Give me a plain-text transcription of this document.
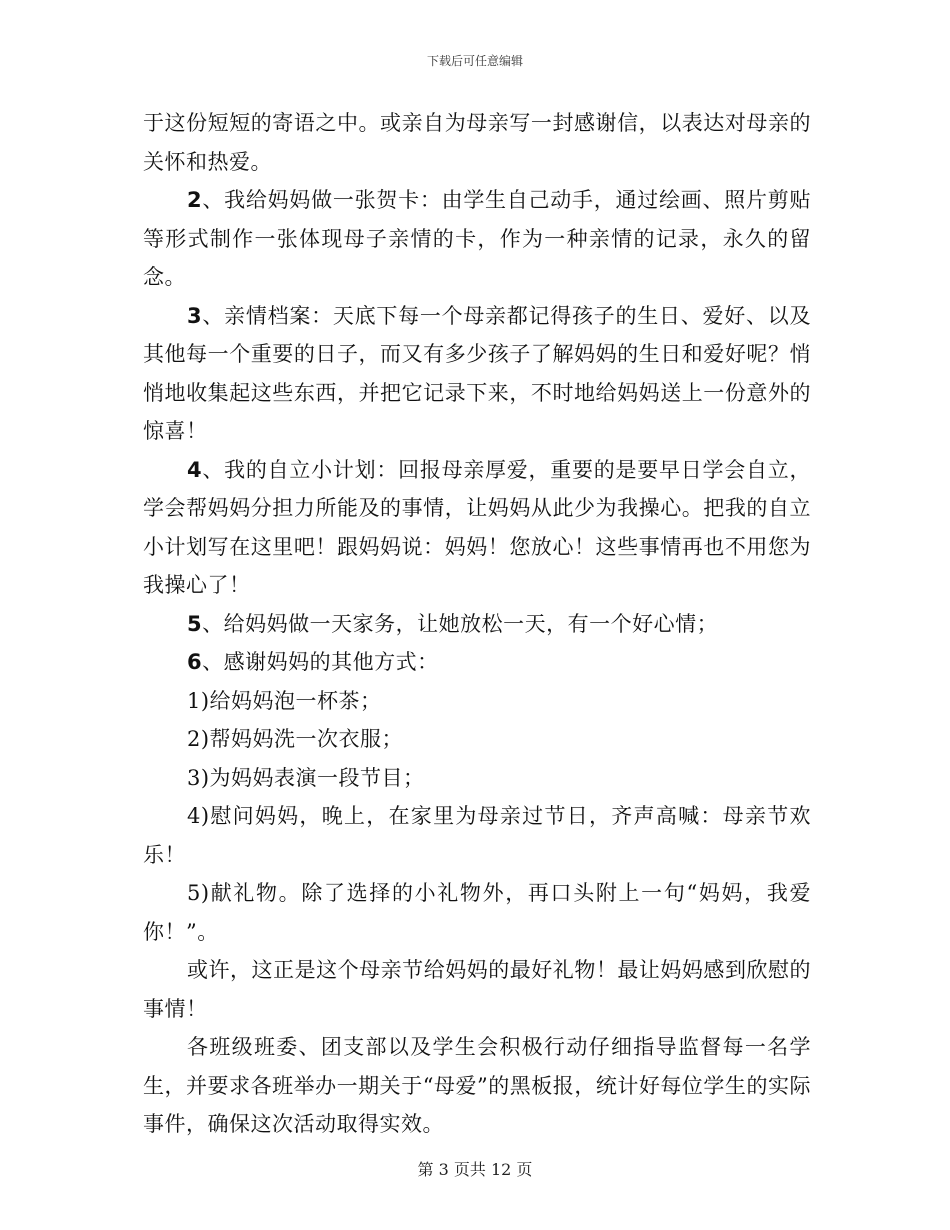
下载后可任意编辑

于这份短短的寄语之中。或亲自为母亲写一封感谢信，以表达对母亲的关怀和热爱。

2、我给妈妈做一张贺卡：由学生自己动手，通过绘画、照片剪贴等形式制作一张体现母子亲情的卡，作为一种亲情的记录，永久的留念。

3、亲情档案：天底下每一个母亲都记得孩子的生日、爱好、以及其他每一个重要的日子，而又有多少孩子了解妈妈的生日和爱好呢？悄悄地收集起这些东西，并把它记录下来，不时地给妈妈送上一份意外的惊喜！

4、我的自立小计划：回报母亲厚爱，重要的是要早日学会自立，学会帮妈妈分担力所能及的事情，让妈妈从此少为我操心。把我的自立小计划写在这里吧！跟妈妈说：妈妈！您放心！这些事情再也不用您为我操心了！

5、给妈妈做一天家务，让她放松一天，有一个好心情；

6、感谢妈妈的其他方式：

1)给妈妈泡一杯茶；

2)帮妈妈洗一次衣服；

3)为妈妈表演一段节目；

4)慰问妈妈，晚上，在家里为母亲过节日，齐声高喊：母亲节欢乐！

5)献礼物。除了选择的小礼物外，再口头附上一句“妈妈，我爱你！”。

或许，这正是这个母亲节给妈妈的最好礼物！最让妈妈感到欣慰的事情！

各班级班委、团支部以及学生会积极行动仔细指导监督每一名学生，并要求各班举办一期关于“母爱”的黑板报，统计好每位学生的实际事件，确保这次活动取得实效。

第 3 页共 12 页
